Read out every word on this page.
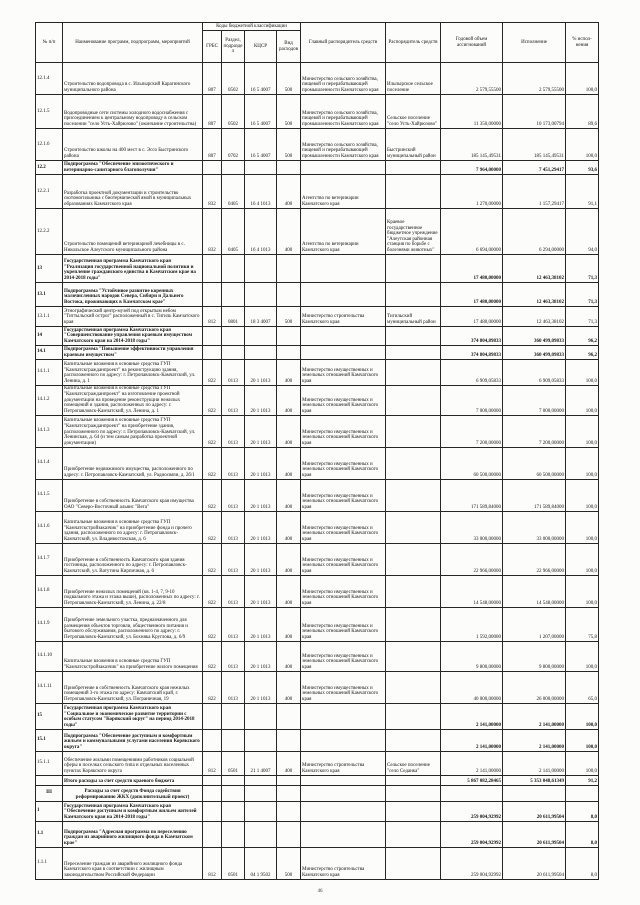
№ п/п	Наименование программ, подпрограмм, мероприятий	Коды бюджетной классификации				Главный распорядитель средств	Распорядитель средств	Годовой объем ассигнований	Исполнение	% испол-нения
		ГРБС	Раздел, подраздел	КЦСР	Вид расходов					
12.1.4	Строительство водопровода в с. Ильпырский Карагинского муниципального района	807	0502	16 5 4007	500	Министерство сельского хозяйства, пищевой и перерабатывающей промышленности Камчатского края	Ильпырское сельское поселение	2 579,55500	2 579,55500	100,0
12.1.5	Водопроводные сети системы холодного водоснабжения с присоединением к центральному водопроводу в сельском поселении "село Усть-Хайрюзово" (окончание строительства)	807	0502	16 5 4007	500	Министерство сельского хозяйства, пищевой и перерабатывающей промышленности Камчатского края	Сельское поселение "село Усть-Хайрюзово"	11 350,00000	10 173,00794	89,6
12.1.6	Строительство школы на 400 мест в с. Эссо Быстринского района	807	0702	16 5 4007	500	Министерство сельского хозяйства, пищевой и перерабатывающей промышленности Камчатского края	Быстринский муниципальный район	185 145,49531	185 145,49531	100,0
12.2	Подпрограмма "Обеспечение эпизоотического и ветеринарно-санитарного благополучия"							7 964,00000	7 451,29417	93,6
12.2.1	Разработка проектной документации и строительство скотомогильника с биотермической ямой в муниципальных образованиях Камчатского края	832	0405	16 4 1013	400	Агентство по ветеринарии Камчатского края		1 270,00000	1 157,29417	91,1
12.2.2	Строительство помещений ветеринарной лечебницы в с. Никольское Алеутского муниципального района	832	0405	16 4 1013	400	Агентство по ветеринарии Камчатского края	Краевое государственное бюджетное учреждение "Алеутская районная станция по борьбе с болезнями животных"	6 694,00000	6 294,00000	94,0
13	Государственная программа Камчатского края "Реализация государственной национальной политики и укрепление гражданского единства в Камчатском крае на 2014-2018 годы"							17 480,00000	12 463,38102	71,3
13.1	Подпрограмма "Устойчивое развитие коренных малочисленных народов Севера, Сибири и Дальнего Востока, проживающих в Камчатском крае"							17 480,00000	12 463,38102	71,3
13.1.1	Этнографический центр-музей под открытым небом "Титтыльский острог" расположенный в с. Тигиль Камчатского края	812	0801	18 3 4007	500	Министерство строительства Камчатского края	Тигильский муниципальный район	17 480,00000	12 463,38102	71,3
14	Государственная программа Камчатского края "Совершенствование управления краевым имуществом Камчатского края на 2014-2018 годы"							374 804,89833	360 499,09833	96,2
14.1	Подпрограмма "Повышение эффективности управления краевым имуществом"							374 804,89833	360 499,09833	96,2
14.1.1	Капитальные вложения в основные средства ГУП "Камчатскгражданпроект" на реконструкцию здания, расположенного по адресу: г. Петропавловск-Камчатский, ул. Ленина, д. 1	822	0113	20 1 1013	400	Министерство имущественных и земельных отношений Камчатского края		6 909,05833	6 909,05833	100,0
14.1.2	Капитальные вложения в основные средства ГУП "Камчатскгражданпроект" на изготовление проектной документации на проведение реконструкции нежилых помещений и здания, расположенных по адресу: г. Петропавловск-Камчатский, ул. Ленина, д. 1	822	0113	20 1 1013	400	Министерство имущественных и земельных отношений Камчатского края		7 000,00000	7 000,00000	100,0
14.1.3	Капитальные вложения в основные средства ГУП "Камчатскгражданпроект" на приобретение здания, расположенного по адресу: г. Петропавловск-Камчатский, ул. Ленинская, д. 64 (и тем самым разработка проектной документации)	822	0113	20 1 1013	400	Министерство имущественных и земельных отношений Камчатского края		7 200,00000	7 200,00000	100,0
14.1.4	Приобретение недвижимого имущества, расположенного по адресу: г. Петропавловск-Камчатский, ул. Радиосвязи, д. 2б/1	822	0113	20 1 1013	400	Министерство имущественных и земельных отношений Камчатского края		60 500,00000	60 500,00000	100,0
14.1.5	Приобретение в собственность Камчатского края имущества ОАО "Северо-Восточный альянс "Вега"	822	0113	20 1 1013	400	Министерство имущественных и земельных отношений Камчатского края		171 589,84000	171 589,84000	100,0
14.1.6	Капитальные вложения в основные средства ГУП "Камчатскстройзаказчик" на приобретение фонда и прочего здания, расположенного по адресу: г. Петропавловск-Камчатский, ул. Владивостокская, д. 6	822	0113	20 1 1013	400	Министерство имущественных и земельных отношений Камчатского края		33 000,00000	33 000,00000	100,0
14.1.7	Приобретение в собственность Камчатского края здания гостиницы, расположенного по адресу: г. Петропавловск-Камчатский, ул. Ватутина Кирпичная, д. 6	822	0113	20 1 1013	400	Министерство имущественных и земельных отношений Камчатского края		22 966,00000	22 966,00000	100,0
14.1.8	Приобретение нежилых помещений (кв. 1-4, 7, 9-10 подвального этажа и этажа выше), расположенных по адресу: г. Петропавловск-Камчатский, ул. Ленина, д. 22/8	822	0113	20 1 1013	400	Министерство имущественных и земельных отношений Камчатского края		14 548,00000	14 548,00000	100,0
14.1.9	Приобретение земельного участка, предназначенного для размещения объектов торговли, общественного питания и бытового обслуживания, расположенного по адресу: г. Петропавловск-Камчатский, ул. Бохняка Круглова, д. 6/9	822	0113	20 1 1013	400	Министерство имущественных и земельных отношений Камчатского края		1 592,00000	1 207,00000	75,8
14.1.10	Капитальные вложения в основные средства ГУП "Камчатскстройзаказчик" на приобретение жилого помещения	822	0113	20 1 1013	400	Министерство имущественных и земельных отношений Камчатского края		9 800,00000	9 800,00000	100,0
14.1.11	Приобретение в собственность Камчатского края нежилых помещений 3-го этажа по адресу: Камчатский край, г. Петропавловск-Камчатский, ул. Пограничная, 19	822	0113	20 1 1013	400	Министерство имущественных и земельных отношений Камчатского края		40 000,00000	26 000,00000	65,0
15	Государственная программа Камчатского края "Социальное и экономическое развитие территории с особым статусом "Корякский округ" на период 2014-2018 годы"							2 141,00000	2 141,00000	100,0
15.1	Подпрограмма "Обеспечение доступным и комфортным жильем и коммунальными услугами населения Корякского округа"							2 141,00000	2 141,00000	100,0
15.1.1	Обеспечение жилыми помещениями работников социальной сферы в поселках сельского типа и отдельных населенных пунктах Корякского округа	812	0501	21 1 4007	400	Министерство строительства Камчатского края	Сельское поселение "село Седанка"	2 141,00000	2 141,00000	100,0
	Итого расходы за счет средств краевого бюджета							5 867 082,28465	5 353 048,61349	91,2
III	Расходы за счет средств Фонда содействия реформированию ЖКХ (дополнительный проект)									
1	Государственная программа Камчатского края "Обеспечение доступным и комфортным жильем жителей Камчатского края на 2014-2018 годы"							259 004,92992	20 611,99504	8,0
1.1	Подпрограмма "Адресная программа по переселению граждан из аварийного жилищного фонда в Камчатском крае"							259 004,92992	20 611,99504	8,0
1.1.1	Переселение граждан из аварийного жилищного фонда Камчатского края в соответствии с жилищным законодательством Российской Федерации	812	0501	04 1 9502	500	Министерство строительства Камчатского края		259 004,92992	20 611,99504	8,0
46
